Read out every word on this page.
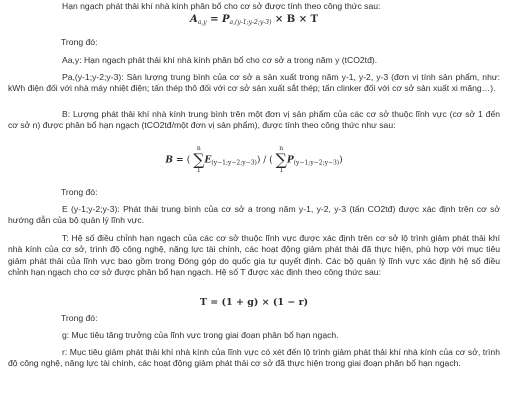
Hạn ngạch phát thải khí nhà kính phân bổ cho cơ sở được tính theo công thức sau:

$A_{a,y} = P_{a,(y-1;y-2;y-3)} \times B \times T$

Trong đó:

Aa,y: Hạn ngạch phát thải khí nhà kính phân bổ cho cơ sở a trong năm y (tCO2tđ).

Pa,(y-1;y-2;y-3): Sản lượng trung bình của cơ sở a sản xuất trong năm y-1, y-2, y-3 (đơn vị tính sản phẩm, như: kWh điện đối với nhà máy nhiệt điện; tấn thép thô đối với cơ sở sản xuất sắt thép; tấn clinker đối với cơ sở sản xuất xi măng…).

B: Lượng phát thải khí nhà kính trung bình trên một đơn vị sản phẩm của các cơ sở thuộc lĩnh vực (cơ sở 1 đến cơ sở n) được phân bổ hạn ngạch (tCO2tđ/một đơn vị sản phẩm), được tính theo công thức như sau:

B = (
n
∑
1
$E_{(y-1;y-2;y-3)}$) / (
n
∑
1
$P_{(y-1;y-2;y-3)}$)

Trong đó:

E (y-1;y-2;y-3): Phát thải trung bình của cơ sở a trong năm y-1, y-2, y-3 (tấn CO2tđ) được xác định trên cơ sở hướng dẫn của bộ quản lý lĩnh vực.

T: Hệ số điều chỉnh hạn ngạch của các cơ sở thuộc lĩnh vực được xác định trên cơ sở lộ trình giảm phát thải khí nhà kính của cơ sở, trình độ công nghệ, năng lực tài chính, các hoạt động giảm phát thải đã thực hiện, phù hợp với mục tiêu giảm phát thải của lĩnh vực bao gồm trong Đóng góp do quốc gia tự quyết định. Các bộ quản lý lĩnh vực xác định hệ số điều chỉnh hạn ngạch cho cơ sở được phân bổ hạn ngạch. Hệ số T được xác định theo công thức sau:

T = (1 + g) × (1 − r)

Trong đó:

g: Mục tiêu tăng trưởng của lĩnh vực trong giai đoạn phân bổ hạn ngạch.

r: Mục tiêu giảm phát thải khí nhà kính của lĩnh vực có xét đến lộ trình giảm phát thải khí nhà kính của cơ sở, trình độ công nghệ, năng lực tài chính, các hoạt động giảm phát thải cơ sở đã thực hiện trong giai đoạn phân bổ hạn ngạch.
